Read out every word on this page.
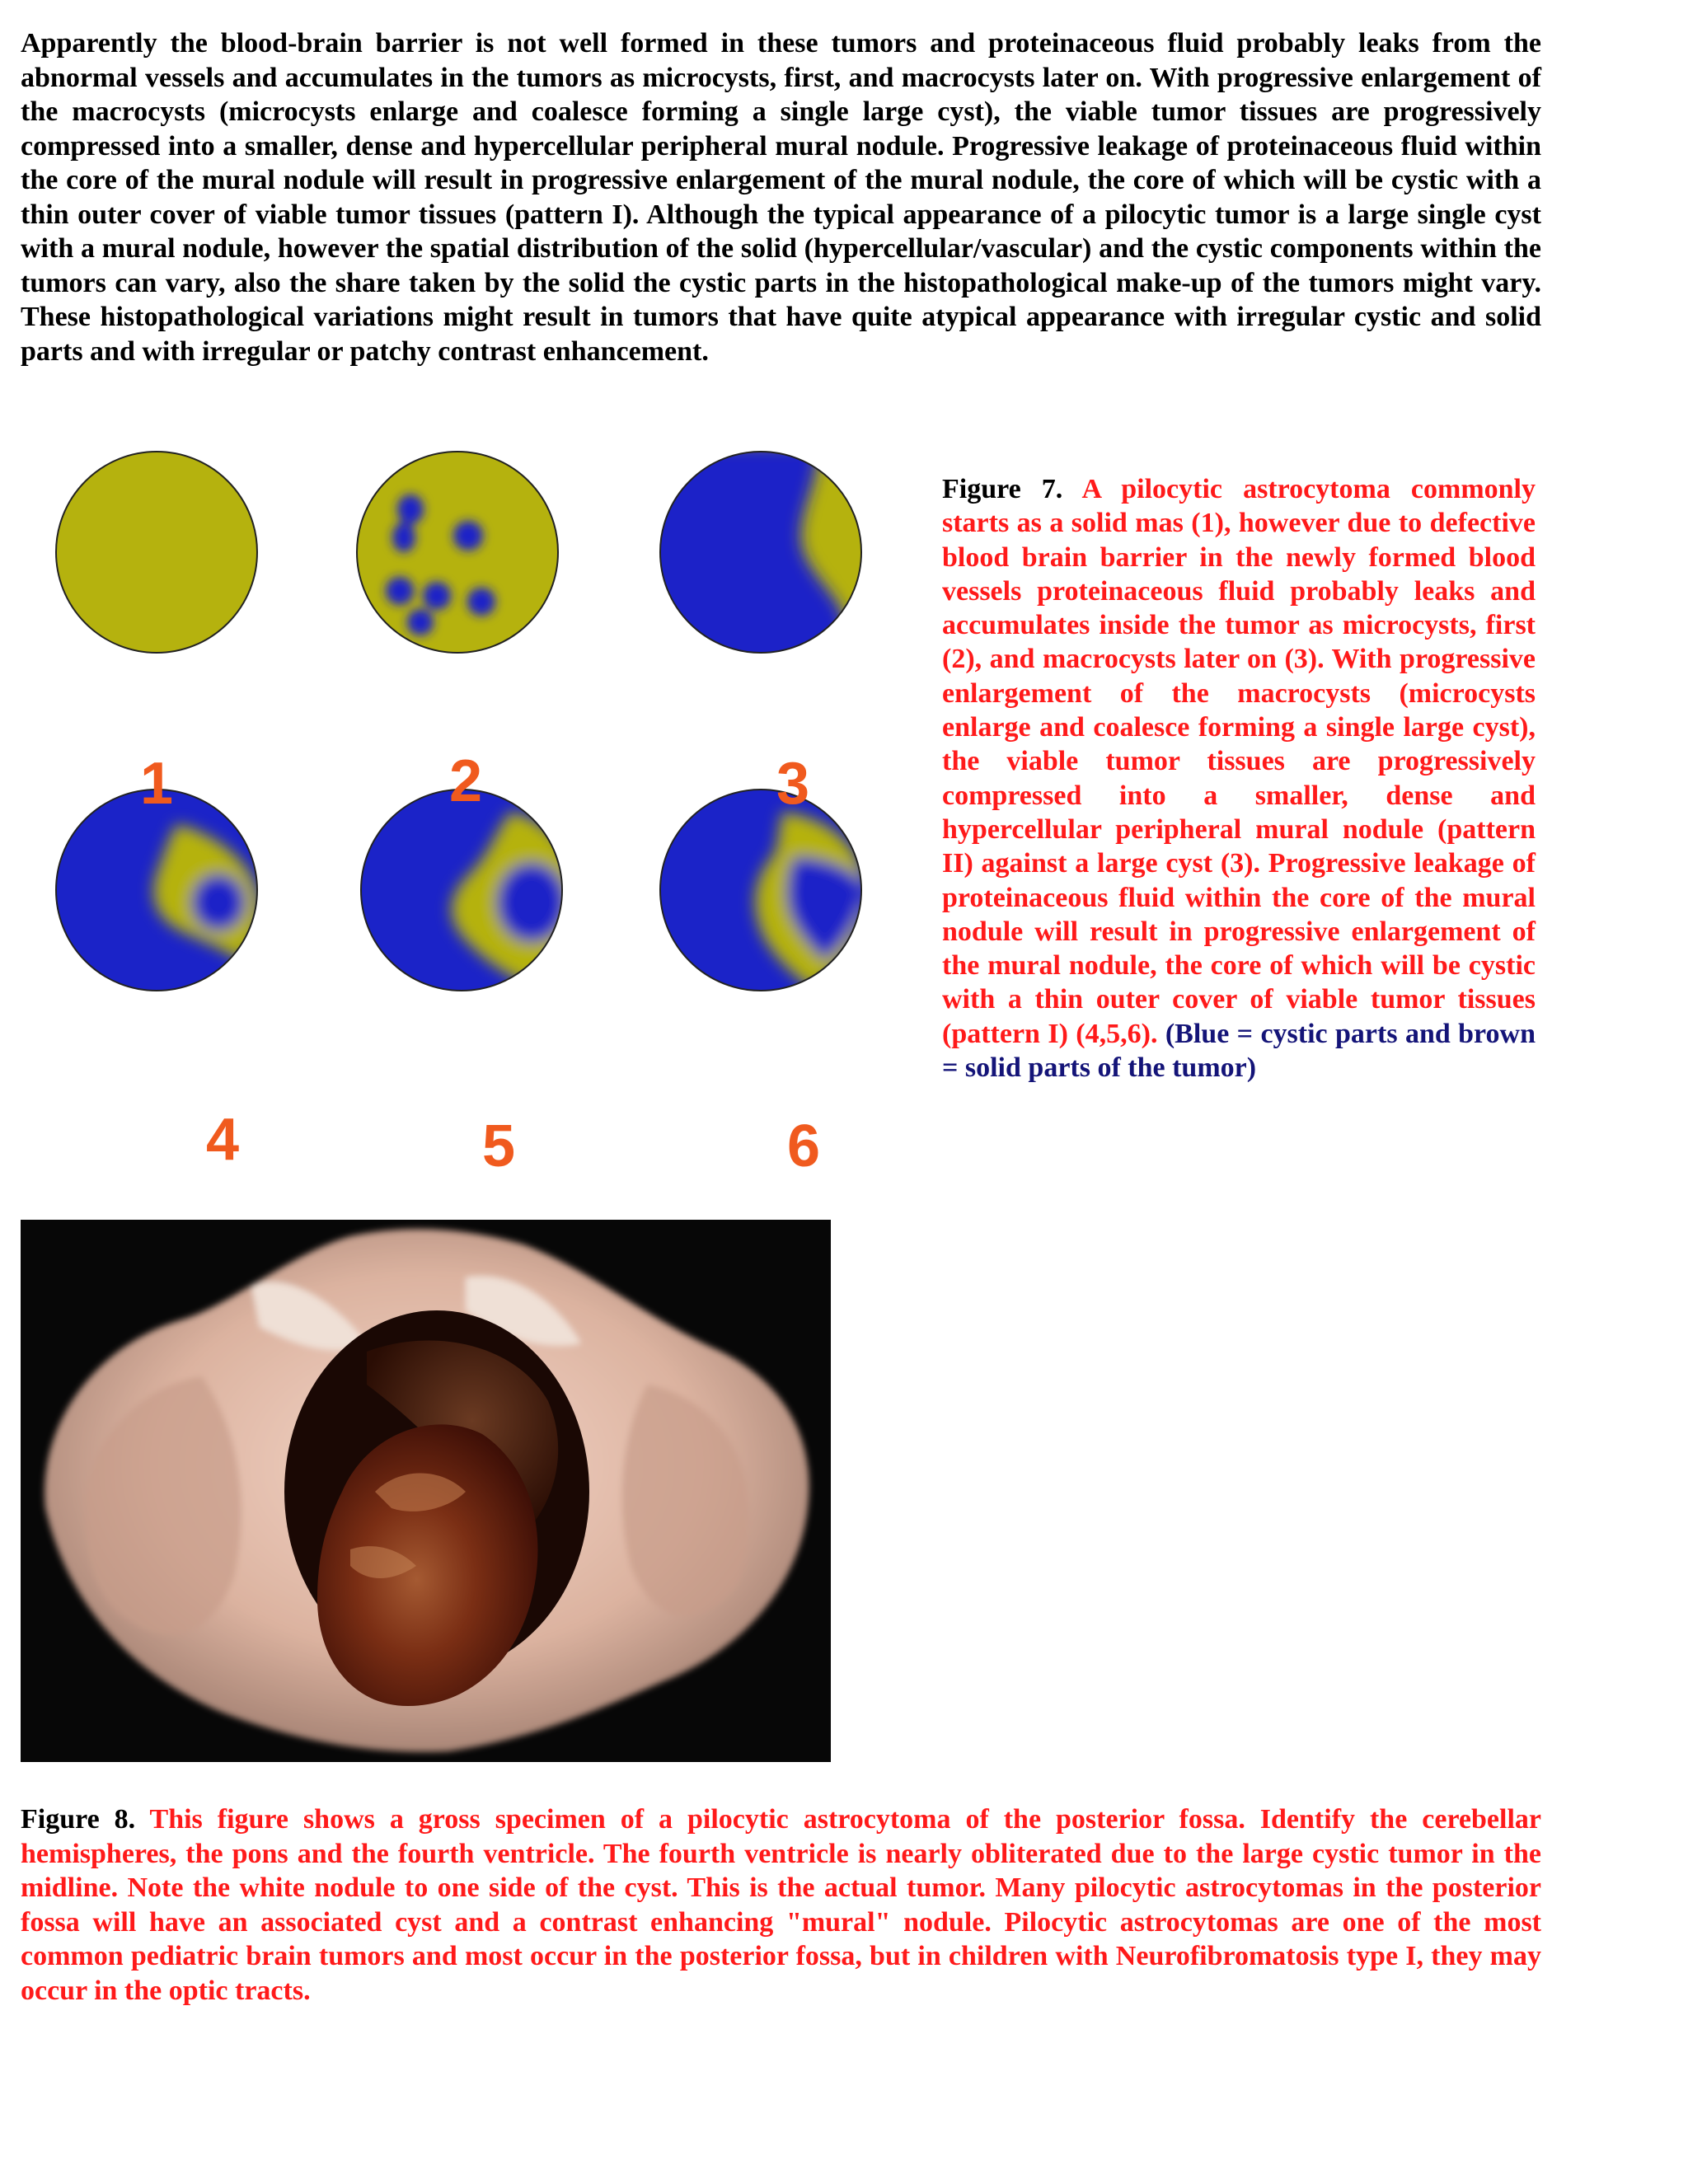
Apparently the blood-brain barrier is not well formed in these tumors and proteinaceous fluid probably leaks from the abnormal vessels and accumulates in the tumors as microcysts, first, and macrocysts later on. With progressive enlargement of the macrocysts (microcysts enlarge and coalesce forming a single large cyst), the viable tumor tissues are progressively compressed into a smaller, dense and hypercellular peripheral mural nodule. Progressive leakage of proteinaceous fluid within the core of the mural nodule will result in progressive enlargement of the mural nodule, the core of which will be cystic with a thin outer cover of viable tumor tissues (pattern I). Although the typical appearance of a pilocytic tumor is a large single cyst with a mural nodule, however the spatial distribution of the solid (hypercellular/vascular) and the cystic components within the tumors can vary, also the share taken by the solid the cystic parts in the histopathological make-up of the tumors might vary. These histopathological variations might result in tumors that have quite atypical appearance with irregular cystic and solid parts and with irregular or patchy contrast enhancement.

1	2	3
4	5	6

Figure 7. A pilocytic astrocytoma commonly starts as a solid mas (1), however due to defective blood brain barrier in the newly formed blood vessels proteinaceous fluid probably leaks and accumulates inside the tumor as microcysts, first (2), and macrocysts later on (3). With progressive enlargement of the macrocysts (microcysts enlarge and coalesce forming a single large cyst), the viable tumor tissues are progressively compressed into a smaller, dense and hypercellular peripheral mural nodule (pattern II) against a large cyst (3). Progressive leakage of proteinaceous fluid within the core of the mural nodule will result in progressive enlargement of the mural nodule, the core of which will be cystic with a thin outer cover of viable tumor tissues (pattern I) (4,5,6). (Blue = cystic parts and brown = solid parts of the tumor)

Figure 8. This figure shows a gross specimen of a pilocytic astrocytoma of the posterior fossa. Identify the cerebellar hemispheres, the pons and the fourth ventricle. The fourth ventricle is nearly obliterated due to the large cystic tumor in the midline. Note the white nodule to one side of the cyst. This is the actual tumor. Many pilocytic astrocytomas in the posterior fossa will have an associated cyst and a contrast enhancing "mural" nodule. Pilocytic astrocytomas are one of the most common pediatric brain tumors and most occur in the posterior fossa, but in children with Neurofibromatosis type I, they may occur in the optic tracts.
